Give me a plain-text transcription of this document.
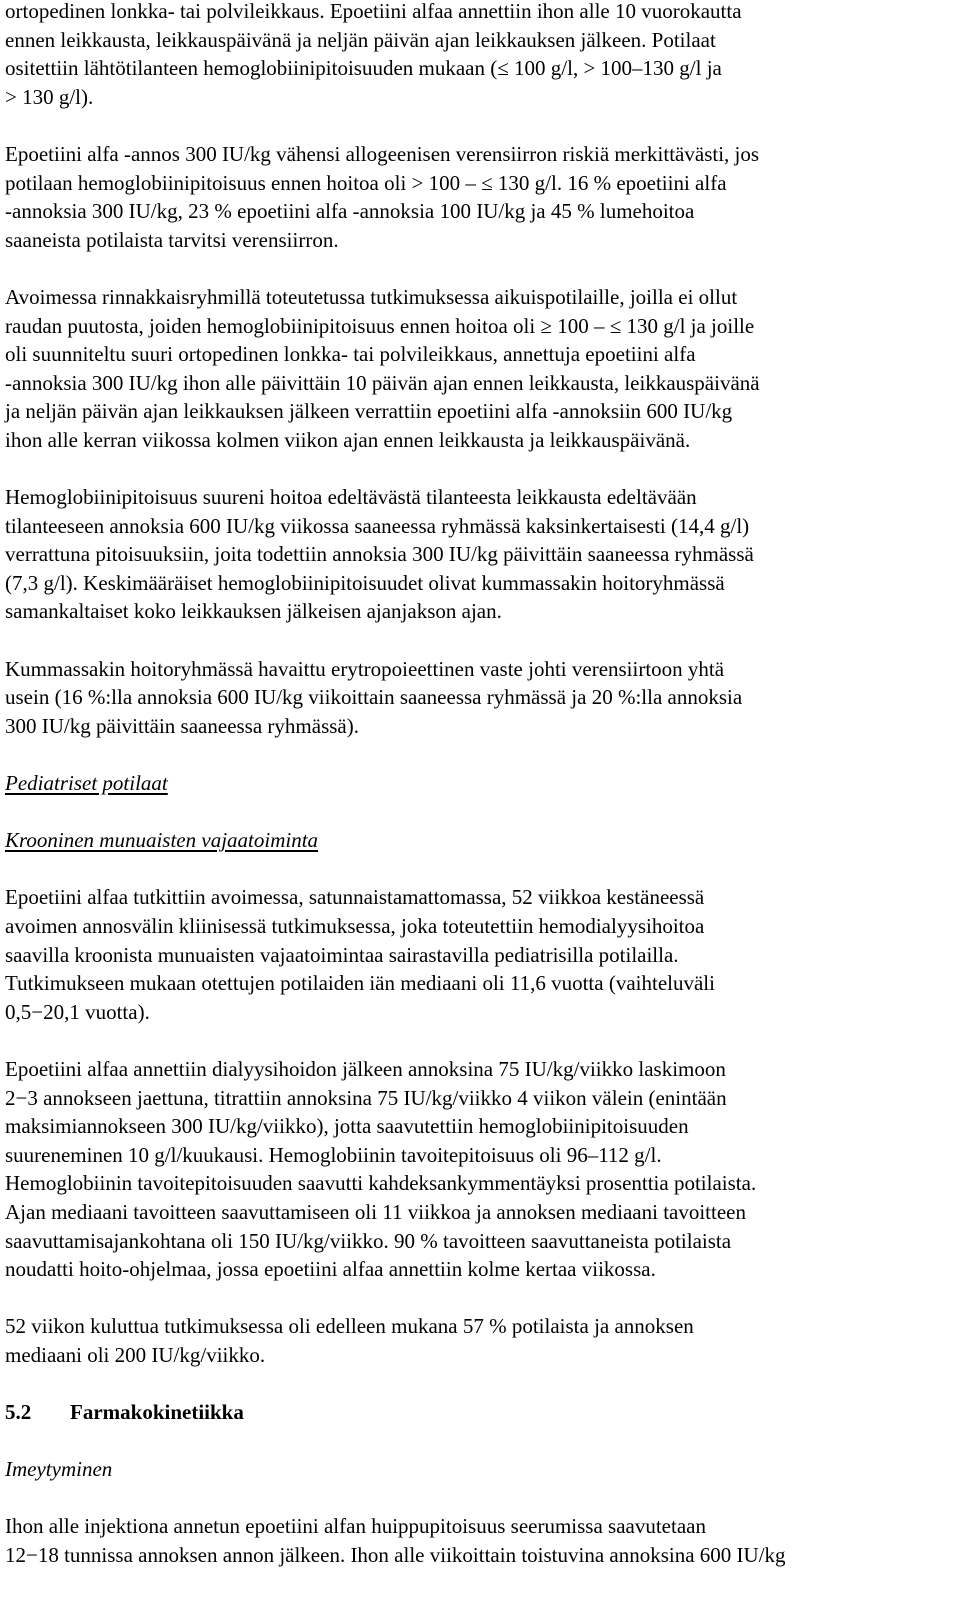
ortopedinen lonkka- tai polvileikkaus. Epoetiini alfaa annettiin ihon alle 10 vuorokautta
ennen leikkausta, leikkauspäivänä ja neljän päivän ajan leikkauksen jälkeen. Potilaat
ositettiin lähtötilanteen hemoglobiinipitoisuuden mukaan (≤ 100 g/l, > 100–130 g/l ja
> 130 g/l).
Epoetiini alfa -annos 300 IU/kg vähensi allogeenisen verensiirron riskiä merkittävästi, jos
potilaan hemoglobiinipitoisuus ennen hoitoa oli > 100 – ≤ 130 g/l. 16 % epoetiini alfa
-annoksia 300 IU/kg, 23 % epoetiini alfa -annoksia 100 IU/kg ja 45 % lumehoitoa
saaneista potilaista tarvitsi verensiirron.
Avoimessa rinnakkaisryhmillä toteutetussa tutkimuksessa aikuispotilaille, joilla ei ollut
raudan puutosta, joiden hemoglobiinipitoisuus ennen hoitoa oli ≥ 100 – ≤ 130 g/l ja joille
oli suunniteltu suuri ortopedinen lonkka- tai polvileikkaus, annettuja epoetiini alfa
-annoksia 300 IU/kg ihon alle päivittäin 10 päivän ajan ennen leikkausta, leikkauspäivänä
ja neljän päivän ajan leikkauksen jälkeen verrattiin epoetiini alfa -annoksiin 600 IU/kg
ihon alle kerran viikossa kolmen viikon ajan ennen leikkausta ja leikkauspäivänä.
Hemoglobiinipitoisuus suureni hoitoa edeltävästä tilanteesta leikkausta edeltävään
tilanteeseen annoksia 600 IU/kg viikossa saaneessa ryhmässä kaksinkertaisesti (14,4 g/l)
verrattuna pitoisuuksiin, joita todettiin annoksia 300 IU/kg päivittäin saaneessa ryhmässä
(7,3 g/l). Keskimääräiset hemoglobiinipitoisuudet olivat kummassakin hoitoryhmässä
samankaltaiset koko leikkauksen jälkeisen ajanjakson ajan.
Kummassakin hoitoryhmässä havaittu erytropoieettinen vaste johti verensiirtoon yhtä
usein (16 %:lla annoksia 600 IU/kg viikoittain saaneessa ryhmässä ja 20 %:lla annoksia
300 IU/kg päivittäin saaneessa ryhmässä).
Pediatriset potilaat
Krooninen munuaisten vajaatoiminta
Epoetiini alfaa tutkittiin avoimessa, satunnaistamattomassa, 52 viikkoa kestäneessä
avoimen annosvälin kliinisessä tutkimuksessa, joka toteutettiin hemodialyysihoitoa
saavilla kroonista munuaisten vajaatoimintaa sairastavilla pediatrisilla potilailla.
Tutkimukseen mukaan otettujen potilaiden iän mediaani oli 11,6 vuotta (vaihteluväli
0,5−20,1 vuotta).
Epoetiini alfaa annettiin dialyysihoidon jälkeen annoksina 75 IU/kg/viikko laskimoon
2−3 annokseen jaettuna, titrattiin annoksina 75 IU/kg/viikko 4 viikon välein (enintään
maksimiannokseen 300 IU/kg/viikko), jotta saavutettiin hemoglobiinipitoisuuden
suureneminen 10 g/l/kuukausi. Hemoglobiinin tavoitepitoisuus oli 96–112 g/l.
Hemoglobiinin tavoitepitoisuuden saavutti kahdeksankymmentäyksi prosenttia potilaista.
Ajan mediaani tavoitteen saavuttamiseen oli 11 viikkoa ja annoksen mediaani tavoitteen
saavuttamisajankohtana oli 150 IU/kg/viikko. 90 % tavoitteen saavuttaneista potilaista
noudatti hoito-ohjelmaa, jossa epoetiini alfaa annettiin kolme kertaa viikossa.
52 viikon kuluttua tutkimuksessa oli edelleen mukana 57 % potilaista ja annoksen
mediaani oli 200 IU/kg/viikko.
5.2 Farmakokinetiikka
Imeytyminen
Ihon alle injektiona annetun epoetiini alfan huippupitoisuus seerumissa saavutetaan
12−18 tunnissa annoksen annon jälkeen. Ihon alle viikoittain toistuvina annoksina 600 IU/kg
